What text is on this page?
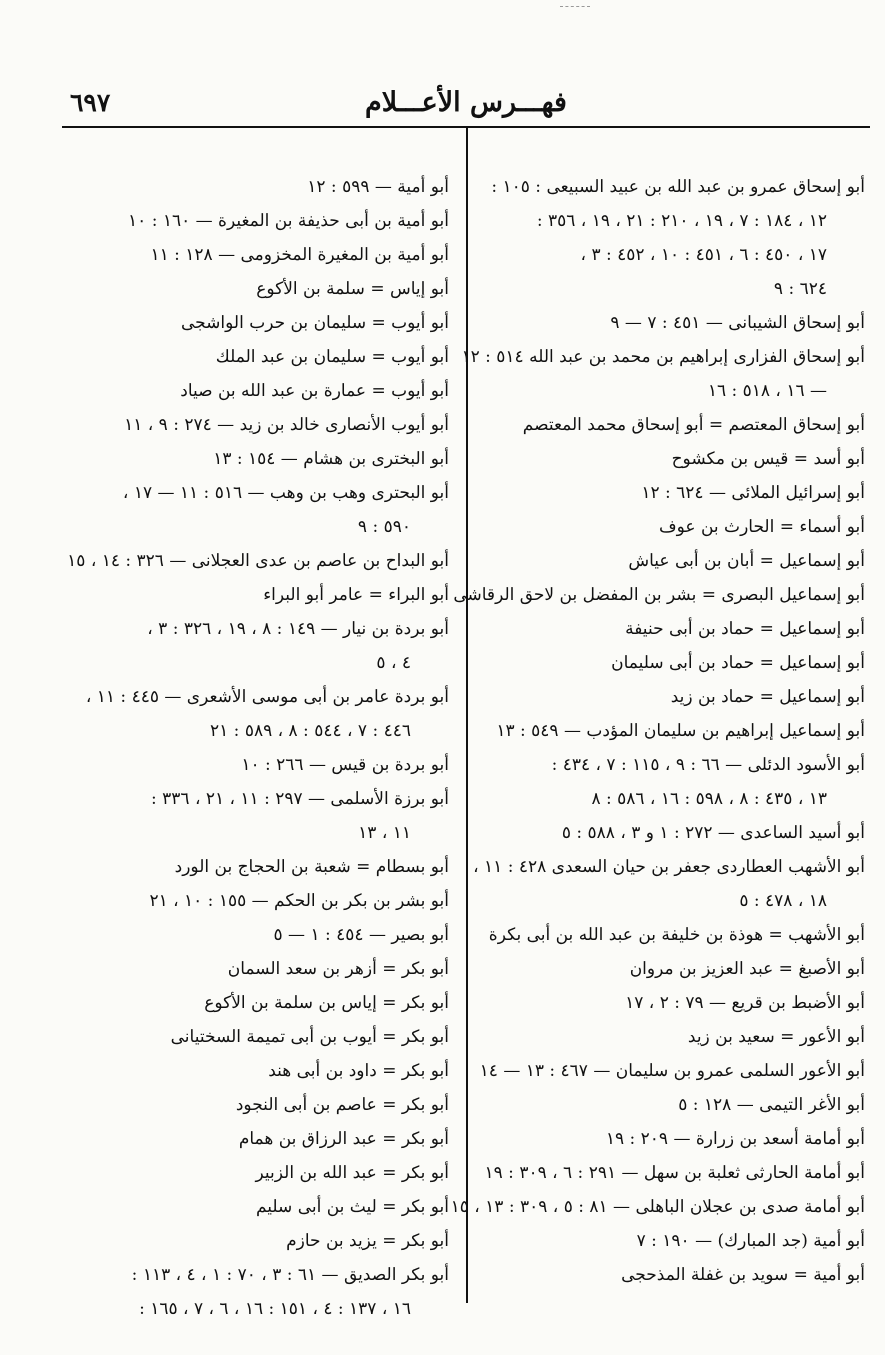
فهـــرس الأعـــلام
٦٩٧
أبو إسحاق عمرو بن عبد الله بن عبيد السبيعى : ١٠٥ :
١٢ ، ١٨٤ : ٧ ، ١٩ ، ٢١٠ : ٢١ ، ١٩ ، ٣٥٦ :
١٧ ، ٤٥٠ : ٦ ، ٤٥١ : ١٠ ، ٤٥٢ : ٣ ،
٦٢٤ : ٩
أبو إسحاق الشيبانى — ٤٥١ : ٧ — ٩
أبو إسحاق الفزارى إبراهيم بن محمد بن عبد الله ٥١٤ : ١٢
— ١٦ ، ٥١٨ : ١٦
أبو إسحاق المعتصم = أبو إسحاق محمد المعتصم
أبو أسد = قيس بن مكشوح
أبو إسرائيل الملائى — ٦٢٤ : ١٢
أبو أسماء = الحارث بن عوف
أبو إسماعيل = أبان بن أبى عياش
أبو إسماعيل البصرى = بشر بن المفضل بن لاحق الرقاشى
أبو إسماعيل = حماد بن أبى حنيفة
أبو إسماعيل = حماد بن أبى سليمان
أبو إسماعيل = حماد بن زيد
أبو إسماعيل إبراهيم بن سليمان المؤدب — ٥٤٩ : ١٣
أبو الأسود الدئلى — ٦٦ : ٩ ، ١١٥ : ٧ ، ٤٣٤ :
١٣ ، ٤٣٥ : ٨ ، ٥٩٨ : ١٦ ، ٥٨٦ : ٨
أبو أسيد الساعدى — ٢٧٢ : ١ و ٣ ، ٥٨٨ : ٥
أبو الأشهب العطاردى جعفر بن حيان السعدى ٤٢٨ : ١١ ،
١٨ ، ٤٧٨ : ٥
أبو الأشهب = هوذة بن خليفة بن عبد الله بن أبى بكرة
أبو الأصبغ = عبد العزيز بن مروان
أبو الأضبط بن قريع — ٧٩ : ٢ ، ١٧
أبو الأعور = سعيد بن زيد
أبو الأعور السلمى عمرو بن سليمان — ٤٦٧ : ١٣ — ١٤
أبو الأغر التيمى — ١٢٨ : ٥
أبو أمامة أسعد بن زرارة — ٢٠٩ : ١٩
أبو أمامة الحارثى ثعلبة بن سهل — ٢٩١ : ٦ ، ٣٠٩ : ١٩
أبو أمامة صدى بن عجلان الباهلى — ٨١ : ٥ ، ٣٠٩ : ١٣ ، ١٥
أبو أمية (جد المبارك) — ١٩٠ : ٧
أبو أمية = سويد بن غفلة المذحجى
أبو أمية — ٥٩٩ : ١٢
أبو أمية بن أبى حذيفة بن المغيرة — ١٦٠ : ١٠
أبو أمية بن المغيرة المخزومى — ١٢٨ : ١١
أبو إياس = سلمة بن الأكوع
أبو أيوب = سليمان بن حرب الواشجى
أبو أيوب = سليمان بن عبد الملك
أبو أيوب = عمارة بن عبد الله بن صياد
أبو أيوب الأنصارى خالد بن زيد — ٢٧٤ : ٩ ، ١١
أبو البخترى بن هشام — ١٥٤ : ١٣
أبو البحترى وهب بن وهب — ٥١٦ : ١١ — ١٧ ،
٥٩٠ : ٩
أبو البداح بن عاصم بن عدى العجلانى — ٣٢٦ : ١٤ ، ١٥
أبو البراء = عامر أبو البراء
أبو بردة بن نيار — ١٤٩ : ٨ ، ١٩ ، ٣٢٦ : ٣ ،
٤ ، ٥
أبو بردة عامر بن أبى موسى الأشعرى — ٤٤٥ : ١١ ،
٤٤٦ : ٧ ، ٥٤٤ : ٨ ، ٥٨٩ : ٢١
أبو بردة بن قيس — ٢٦٦ : ١٠
أبو برزة الأسلمى — ٢٩٧ : ١١ ، ٢١ ، ٣٣٦ :
١١ ، ١٣
أبو بسطام = شعبة بن الحجاج بن الورد
أبو بشر بن بكر بن الحكم — ١٥٥ : ١٠ ، ٢١
أبو بصير — ٤٥٤ : ١ — ٥
أبو بكر = أزهر بن سعد السمان
أبو بكر = إياس بن سلمة بن الأكوع
أبو بكر = أيوب بن أبى تميمة السختيانى
أبو بكر = داود بن أبى هند
أبو بكر = عاصم بن أبى النجود
أبو بكر = عبد الرزاق بن همام
أبو بكر = عبد الله بن الزبير
أبو بكر = ليث بن أبى سليم
أبو بكر = يزيد بن حازم
أبو بكر الصديق — ٦١ : ٣ ، ٧٠ : ١ ، ٤ ، ١١٣ :
١٦ ، ١٣٧ : ٤ ، ١٥١ : ١٦ ، ٦ ، ٧ ، ١٦٥ :
